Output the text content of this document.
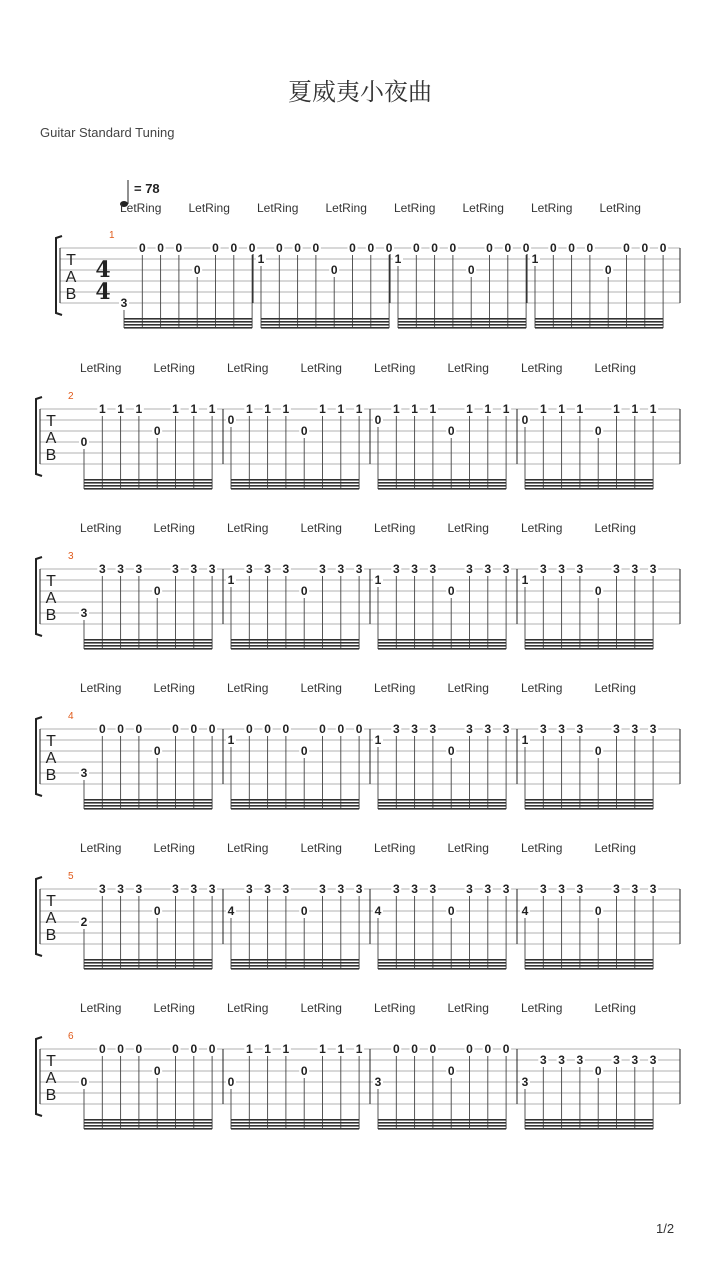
夏威夷小夜曲
Guitar Standard Tuning
T
A
B
4
4
= 78
1
LetRing LetRing LetRing LetRing LetRing LetRing LetRing LetRing
3
0 0 0
0
0 0 0
1
0 0 0
0
0 0 0
1
0 0 0
0
0 0 0
1
0 0 0
0
0 0 0
T
A
B
2
LetRing	LetRing	LetRing	LetRing	LetRing	LetRing	LetRing	LetRing
0
1 1 1
0
1 1 1
0
1 1 1
0
1 1 1
0
1 1 1
0
1 1 1
0
1 1 1
0
1 1 1
T
A
B
3
LetRing	LetRing	LetRing	LetRing	LetRing	LetRing	LetRing	LetRing
3
3 3 3
0
3 3 3
1
3 3 3
0
3 3 3
1
3 3 3
0
3 3 3
1
3 3 3
0
3 3 3
T
A
B
4
LetRing	LetRing	LetRing	LetRing	LetRing	LetRing	LetRing	LetRing
3
0 0 0
0
0 0 0
1
0 0 0
0
0 0 0
1
3 3 3
0
3 3 3
1
3 3 3
0
3 3 3
T
A
B
5
LetRing	LetRing	LetRing	LetRing	LetRing	LetRing	LetRing	LetRing
2
3 3 3
0
3 3 3
4
3 3 3
0
3 3 3
4
3 3 3
0
3 3 3
4
3 3 3
0
3 3 3
T
A
B
6
LetRing	LetRing	LetRing	LetRing	LetRing	LetRing	LetRing	LetRing
0
0 0 0
0
0 0 0
0
1 1 1
0
1 1 1
3
0 0 0
0
0 0 0
3
3 3 3
0
3 3 3
1/2
